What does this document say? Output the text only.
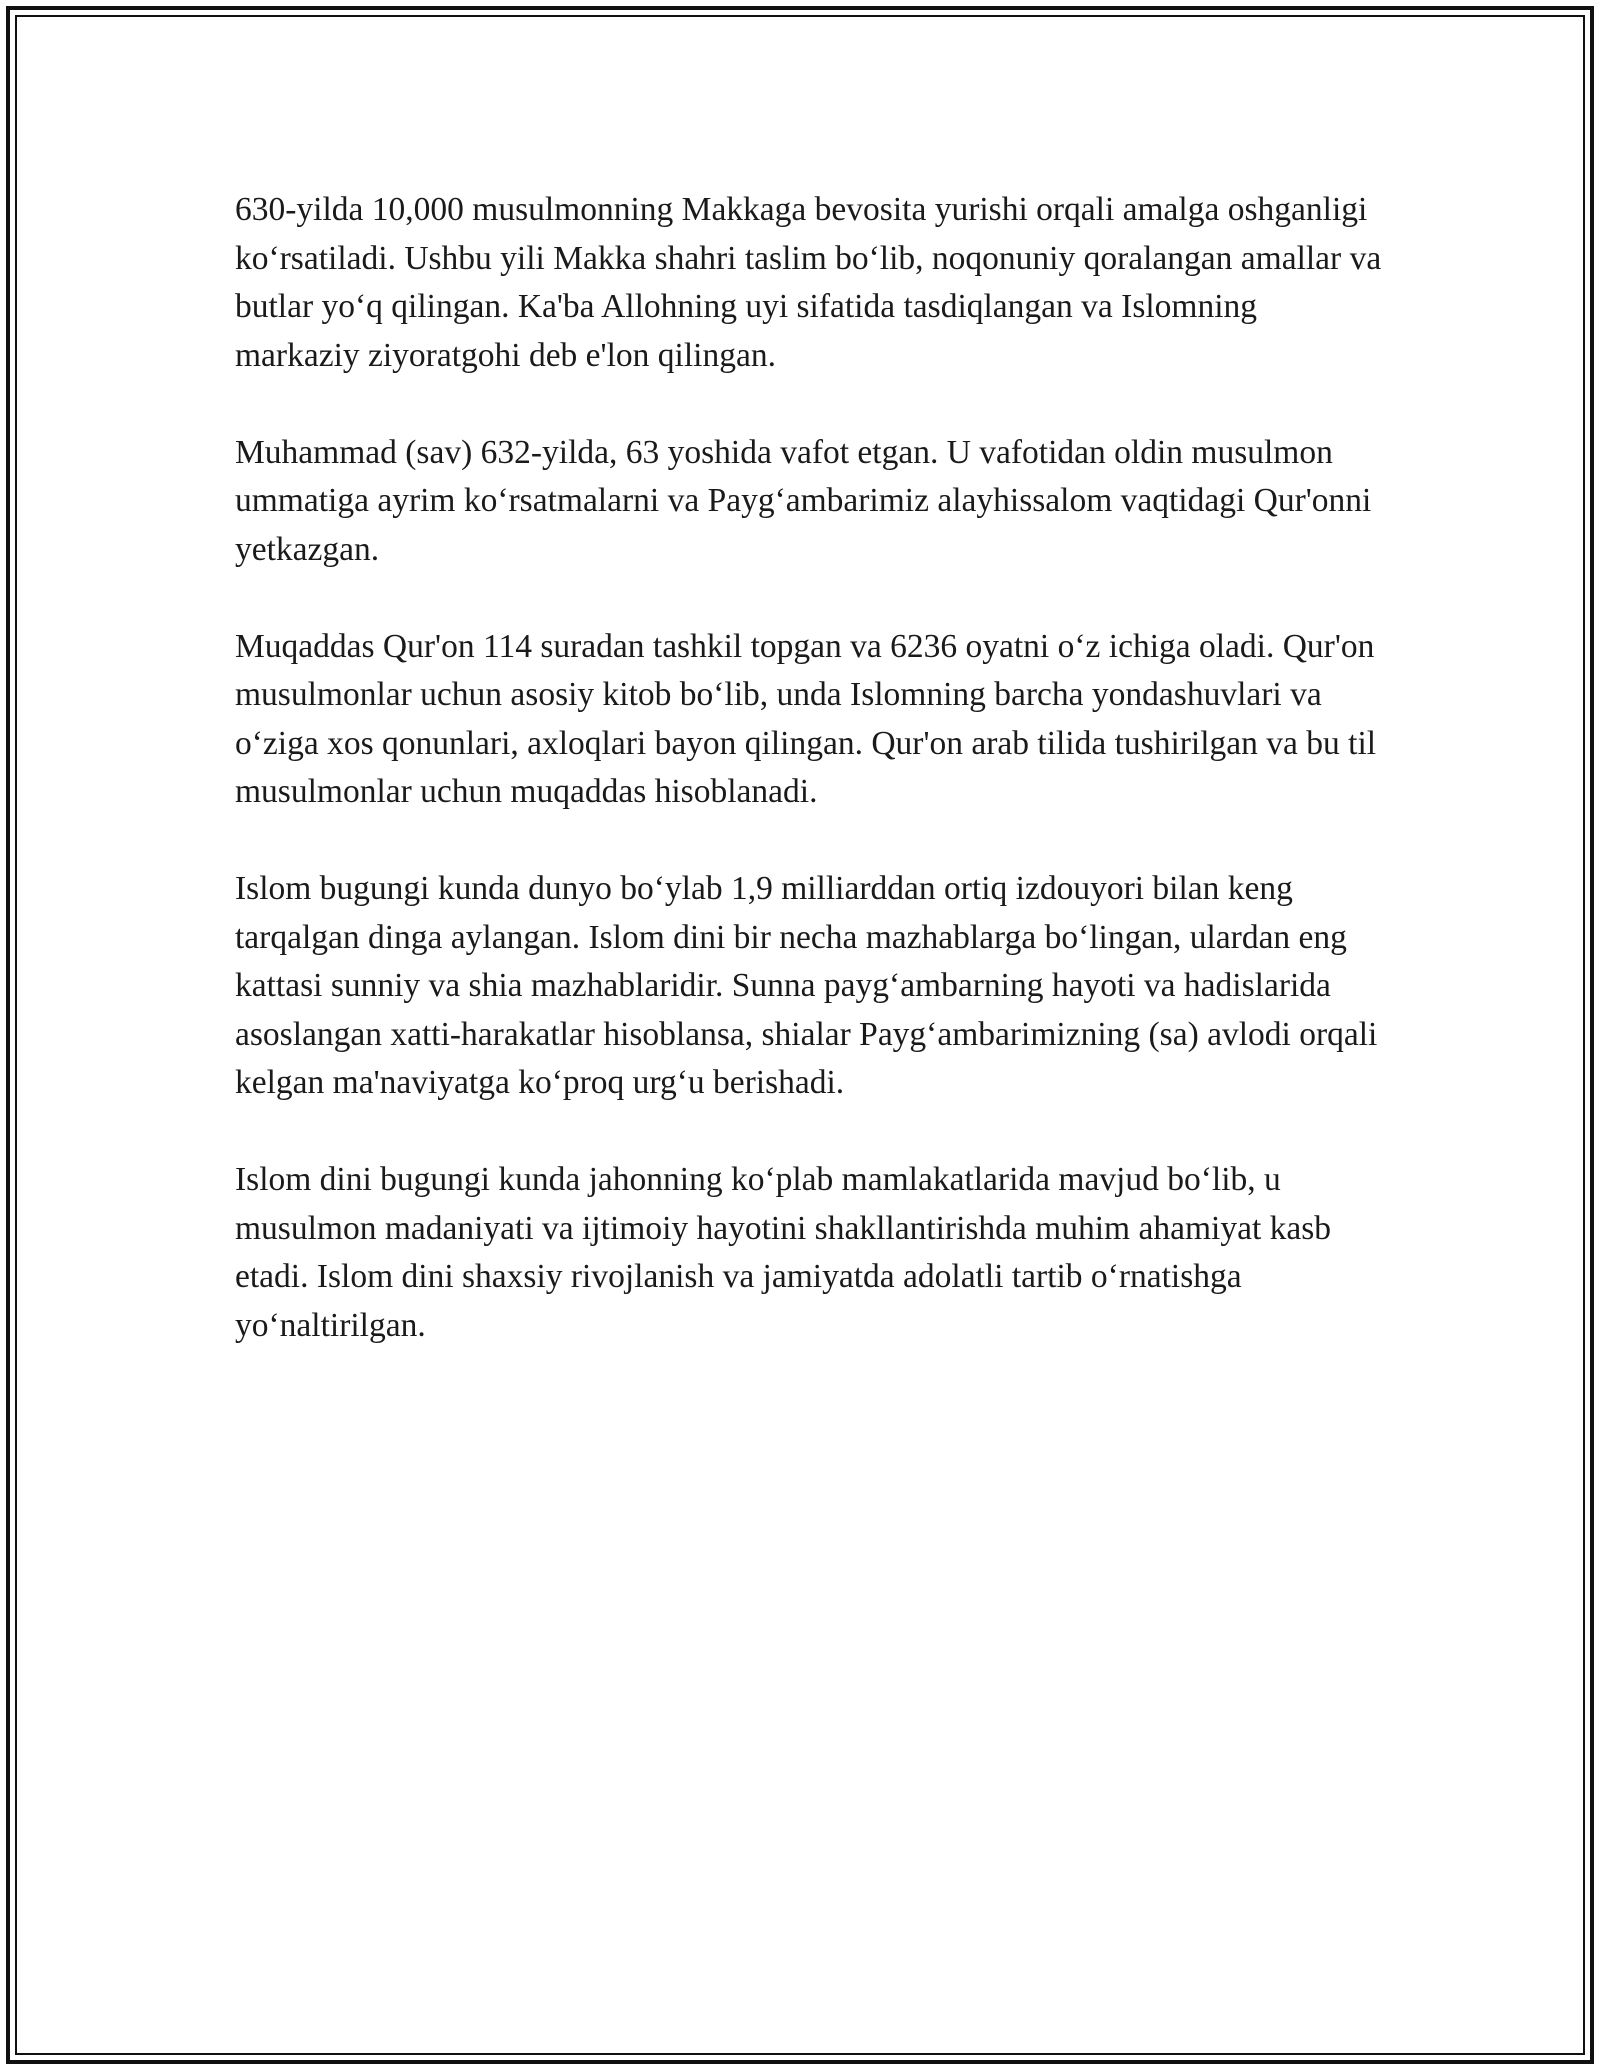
630-yilda 10,000 musulmonning Makkaga bevosita yurishi orqali amalga oshganligi ko‘rsatiladi. Ushbu yili Makka shahri taslim bo‘lib, noqonuniy qoralangan amallar va butlar yo‘q qilingan. Ka'ba Allohning uyi sifatida tasdiqlangan va Islomning markaziy ziyoratgohi deb e'lon qilingan.

Muhammad (sav) 632-yilda, 63 yoshida vafot etgan. U vafotidan oldin musulmon ummatiga ayrim ko‘rsatmalarni va Payg‘ambarimiz alayhissalom vaqtidagi Qur'onni yetkazgan.

Muqaddas Qur'on 114 suradan tashkil topgan va 6236 oyatni o‘z ichiga oladi. Qur'on musulmonlar uchun asosiy kitob bo‘lib, unda Islomning barcha yondashuvlari va o‘ziga xos qonunlari, axloqlari bayon qilingan. Qur'on arab tilida tushirilgan va bu til musulmonlar uchun muqaddas hisoblanadi.

Islom bugungi kunda dunyo bo‘ylab 1,9 milliarddan ortiq izdouyori bilan keng tarqalgan dinga aylangan. Islom dini bir necha mazhablarga bo‘lingan, ulardan eng kattasi sunniy va shia mazhablaridir. Sunna payg‘ambarning hayoti va hadislarida asoslangan xatti-harakatlar hisoblansa, shialar Payg‘ambarimizning (sa) avlodi orqali kelgan ma'naviyatga ko‘proq urg‘u berishadi.

Islom dini bugungi kunda jahonning ko‘plab mamlakatlarida mavjud bo‘lib, u musulmon madaniyati va ijtimoiy hayotini shakllantirishda muhim ahamiyat kasb etadi. Islom dini shaxsiy rivojlanish va jamiyatda adolatli tartib o‘rnatishga yo‘naltirilgan.
